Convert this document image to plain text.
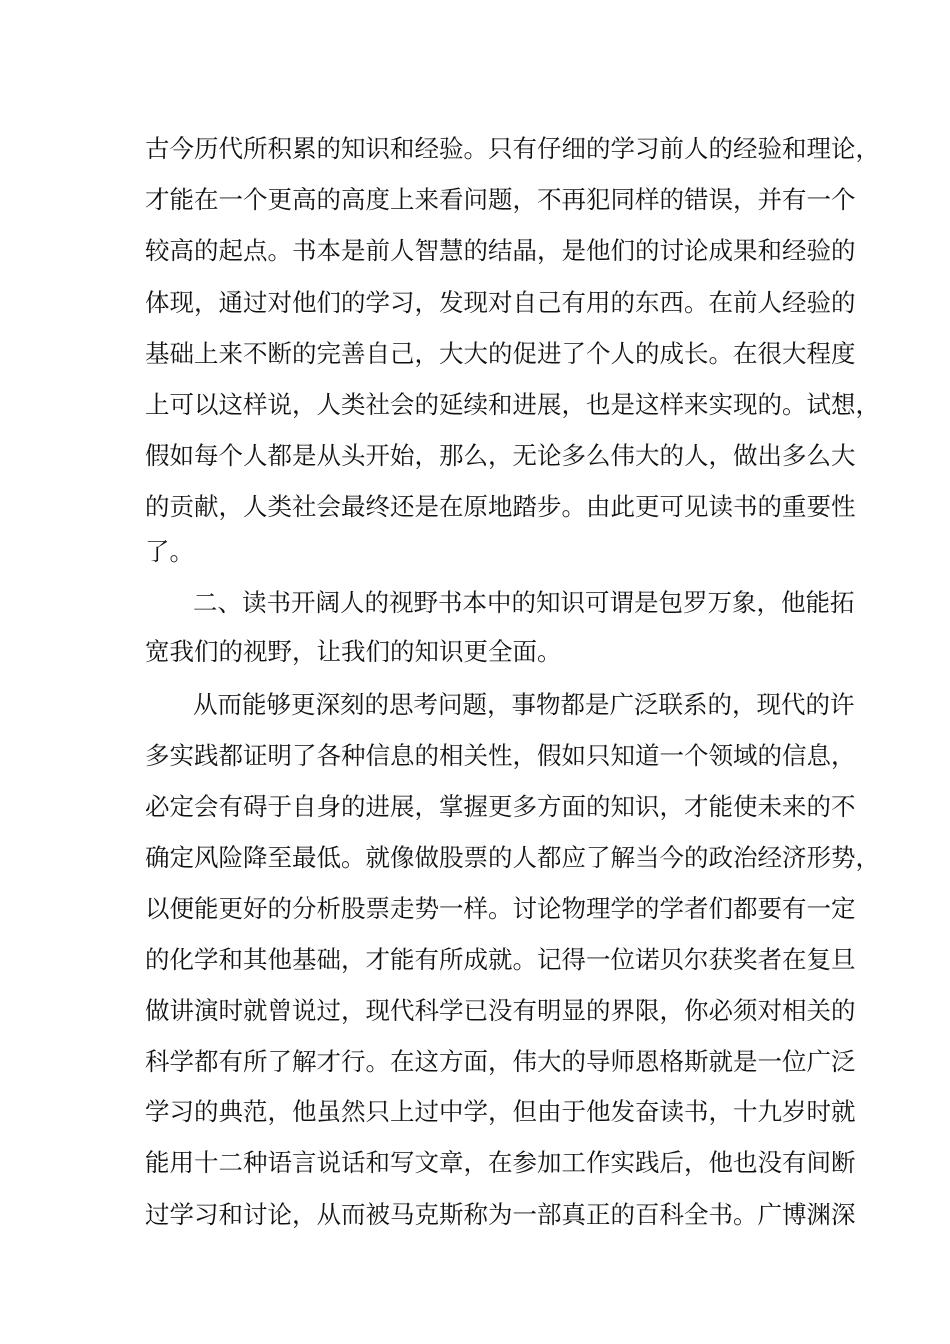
古今历代所积累的知识和经验。只有仔细的学习前人的经验和理论，
才能在一个更高的高度上来看问题，不再犯同样的错误，并有一个
较高的起点。书本是前人智慧的结晶，是他们的讨论成果和经验的
体现，通过对他们的学习，发现对自己有用的东西。在前人经验的
基础上来不断的完善自己，大大的促进了个人的成长。在很大程度
上可以这样说，人类社会的延续和进展，也是这样来实现的。试想，
假如每个人都是从头开始，那么，无论多么伟大的人，做出多么大
的贡献，人类社会最终还是在原地踏步。由此更可见读书的重要性
了。
二、读书开阔人的视野书本中的知识可谓是包罗万象，他能拓
宽我们的视野，让我们的知识更全面。
从而能够更深刻的思考问题，事物都是广泛联系的，现代的许
多实践都证明了各种信息的相关性，假如只知道一个领域的信息，
必定会有碍于自身的进展，掌握更多方面的知识，才能使未来的不
确定风险降至最低。就像做股票的人都应了解当今的政治经济形势，
以便能更好的分析股票走势一样。讨论物理学的学者们都要有一定
的化学和其他基础，才能有所成就。记得一位诺贝尔获奖者在复旦
做讲演时就曾说过，现代科学已没有明显的界限，你必须对相关的
科学都有所了解才行。在这方面，伟大的导师恩格斯就是一位广泛
学习的典范，他虽然只上过中学，但由于他发奋读书，十九岁时就
能用十二种语言说话和写文章，在参加工作实践后，他也没有间断
过学习和讨论，从而被马克斯称为一部真正的百科全书。广博渊深
